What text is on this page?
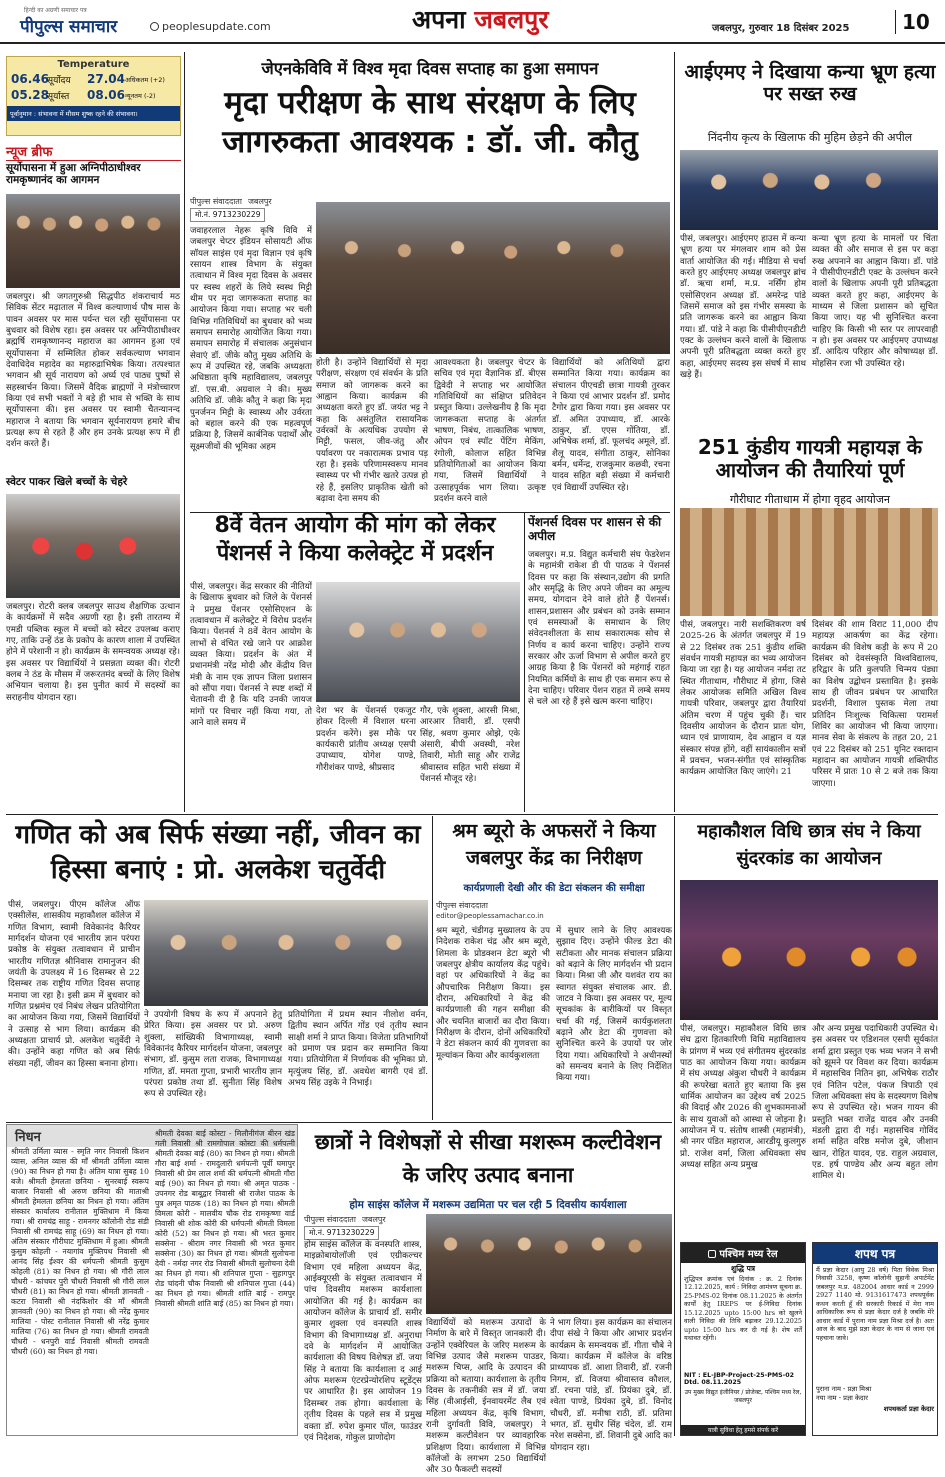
हिन्दी का अग्रणी समाचार पत्र
पीपुल्स समाचार	peoplesupdate.com	अपना जबलपुर	जबलपुर, गुरुवार 18 दिसंबर 2025	10
Temperature
06.46
सूर्योदय	27.04 अधिकतम (+2)
05.28
सूर्यास्त	08.06 न्यूनतम (-2)
पूर्वानुमान : संभावना में मौसम शुष्क रहने की संभावना।
न्यूज ब्रीफ
सूर्योपासना में हुआ अग्निपीठाधीश्वर रामकृष्णानंद का आगमन
जबलपुर। श्री जगतगुरुश्री सिद्धपीठ शंकराचार्य मठ सिविक सेंटर मढ़ाताल में विश्व कल्याणार्थ पौष मास के पावन अवसर पर मास पर्यन्त चल रही सूर्योपासना पर बुधवार को विशेष रहा। इस अवसर पर अग्निपीठाधीश्वर ब्रह्मर्षि रामकृष्णानन्द महाराज का आगमन हुआ एवं सूर्योपासना में सम्मिलित होकर सर्वकल्याण भगवान देवाधिदेव महादेव का महारुद्राभिषेक किया। तत्पश्चात भगवान श्री सूर्य नारायण को अर्घ्य एवं पाठ्य पुष्पों से सहस्त्रार्चन किया। जिसमें वैदिक ब्राह्मणों ने मंत्रोच्चारण किया एवं सभी भक्तों ने बड़े ही भाव से भक्ति के साथ सूर्योपासना की। इस अवसर पर स्वामी चैतन्यानन्द महाराज ने बताया कि भगवान सूर्यनारायण हमारे बीच प्रत्यक्ष रूप से रहते हैं और हम उनके प्रत्यक्ष रूप में ही दर्शन करते हैं।
स्वेटर पाकर खिले बच्चों के चेहरे
जबलपुर। रोटरी क्लब जबलपुर साउथ शैक्षणिक उत्थान के कार्यक्रमों में सदैव अग्रणी रहा है। इसी तारतम्य में एमडी पब्लिक स्कूल में बच्चों को स्वेटर उपलब्ध कराए गए, ताकि उन्हें ठंड के प्रकोप के कारण शाला में उपस्थित होने में परेशानी न हो। कार्यक्रम के समन्वयक अध्यक्ष रहे। इस अवसर पर विद्यार्थियों ने प्रसन्नता व्यक्त की। रोटरी क्लब ने ठंड के मौसम में जरूरतमंद बच्चों के लिए विशेष अभियान चलाया है। इस पुनीत कार्य में सदस्यों का सराहनीय योगदान रहा।
जेएनकेविवि में विश्व मृदा दिवस सप्ताह का हुआ समापन
मृदा परीक्षण के साथ संरक्षण के लिए जागरुकता आवश्यक : डॉ. जी. कौतु
पीपुल्स संवाददाता जबलपुर
मो.नं. 9713230229
जवाहरलाल नेहरू कृषि विवि में जबलपुर चेप्टर इंडियन सोसायटी ऑफ सॉयल साइंस एवं मृदा विज्ञान एवं कृषि रसायन शास्त्र विभाग के संयुक्त तत्वाधान में विश्व मृदा दिवस के अवसर पर स्वस्थ शहरों के लिये स्वस्थ मिट्टी थीम पर मृदा जागरूकता सप्ताह का आयोजन किया गया। सप्ताह भर चली विभिन्न गतिविधियों का बुधवार को भव्य समापन समारोह आयोजित किया गया। समापन समारोह में संचालक अनुसंधान सेवाएं डॉ. जीके कौतु मुख्य अतिथि के रूप में उपस्थित रहे, जबकि अध्यक्षता अधिष्ठाता कृषि महाविद्यालय, जबलपुर डॉ. एस.बी. अग्रवाल ने की। मुख्य अतिथि डॉ. जीके कौतु ने कहा कि मृदा पुनर्जनन मिट्टी के स्वास्थ्य और उर्वरता को बहाल करने की एक महत्वपूर्ण प्रक्रिया है, जिसमें कार्बनिक पदार्थों और सूक्ष्मजीवों की भूमिका अहम
होती है। उन्होंने विद्यार्थियों से मृदा परीक्षण, संरक्षण एवं संवर्धन के प्रति समाज को जागरूक करने का आह्वान किया। कार्यक्रम की अध्यक्षता करते हुए डॉ. जयंत भट्ट ने कहा कि असंतुलित रासायनिक उर्वरकों के अत्यधिक उपयोग से मिट्टी, फसल, जीव-जंतु और पर्यावरण पर नकारात्मक प्रभाव पड़ रहा है। इसके परिणामस्वरूप मानव स्वास्थ्य पर भी गंभीर खतरे उत्पन्न हो रहे हैं, इसलिए प्राकृतिक खेती को बढ़ावा देना समय की
आवश्यकता है। जबलपुर चेप्टर के सचिव एवं मृदा वैज्ञानिक डॉ. बीएस द्विवेदी ने सप्ताह भर आयोजित गतिविधियों का संक्षिप्त प्रतिवेदन प्रस्तुत किया। उल्लेखनीय है कि मृदा जागरूकता सप्ताह के अंतर्गत भाषण, निबंध, तात्कालिक भाषण, ओपन एवं स्पॉट पेंटिंग मेकिंग, रंगोली, कोलाज सहित विभिन्न प्रतियोगिताओं का आयोजन किया गया, जिसमें विद्यार्थियों ने उत्साहपूर्वक भाग लिया। उत्कृष्ट प्रदर्शन करने वाले
विद्यार्थियों को अतिथियों द्वारा सम्मानित किया गया। कार्यक्रम का संचालन पीएचडी छात्रा गायत्री तुरकर ने किया एवं आभार प्रदर्शन डॉ. प्रमोद टैगोर द्वारा किया गया। इस अवसर पर डॉ. अमित उपाध्याय, डॉ. आरके ठाकुर, डॉ. एएस गोंतिया, डॉ. अभिषेक शर्मा, डॉ. फूलचंद अमूले, डॉ. शैलू यादव, संगीता ठाकुर, सोनिका बर्मन, धर्मेन्द्र, राजकुमार कछवी, रचना यादव सहित बड़ी संख्या में कर्मचारी एवं विद्यार्थी उपस्थित रहे।
आईएमए ने दिखाया कन्या भ्रूण हत्या पर सख्त रुख
निंदनीय कृत्य के खिलाफ की मुहिम छेड़ने की अपील
पीसं, जबलपुर। आईएमए हाउस में कन्या भ्रूण हत्या पर मंगलवार शाम को प्रेस वार्ता आयोजित की गई। मीडिया से चर्चा करते हुए आईएमए अध्यक्ष जबलपुर ब्रांच डॉ. ऋचा शर्मा, म.प्र. नर्सिंग होम एसोसिएशन अध्यक्ष डॉ. अमरेन्द्र पांडे जिसमें समाज को इस गंभीर समस्या के प्रति जागरूक करने का आह्वान किया गया। डॉ. पांडे ने कहा कि पीसीपीएनडीटी एक्ट के उल्लंघन करने वालों के खिलाफ अपनी पूरी प्रतिबद्धता व्यक्त करते हुए कहा, आईएमए सदस्य इस संघर्ष में साथ खड़े हैं।
कन्या भ्रूण हत्या के मामलों पर चिंता व्यक्त की और समाज से इस पर कड़ा रुख अपनाने का आह्वान किया। डॉ. पांडे ने पीसीपीएनडीटी एक्ट के उल्लंघन करने वालों के खिलाफ अपनी पूरी प्रतिबद्धता व्यक्त करते हुए कहा, आईएमए के माध्यम से जिला प्रशासन को सूचित किया जाए। यह भी सुनिश्चित करना चाहिए कि किसी भी स्तर पर लापरवाही न हो। इस अवसर पर आईएमए उपाध्यक्ष डॉ. आदित्य परिहार और कोषाध्यक्ष डॉ. मोहसिन रजा भी उपस्थित रहे।
251 कुंडीय गायत्री महायज्ञ के आयोजन की तैयारियां पूर्ण
गौरीघाट गीताधाम में होगा वृहद आयोजन
पीसं, जबलपुर। नारी सशक्तिकरण वर्ष 2025-26 के अंतर्गत जबलपुर में 19 से 22 दिसंबर तक 251 कुंडीय शक्ति संवर्धन गायत्री महायज्ञ का भव्य आयोजन किया जा रहा है। यह आयोजन नर्मदा तट स्थित गीताधाम, गौरीघाट में होगा, जिसे लेकर आयोजक समिति अखिल विश्व गायत्री परिवार, जबलपुर द्वारा तैयारियां अंतिम चरण में पहुंच चुकी हैं। चार दिवसीय आयोजन के दौरान प्रातः योग, ध्यान एवं प्राणायाम, देव आह्वान व यज्ञ संस्कार संपन्न होंगे, वहीं सायंकालीन सत्रों में प्रवचन, भजन-संगीत एवं सांस्कृतिक कार्यक्रम आयोजित किए जाएंगे। 21
दिसंबर की शाम विराट 11,000 दीप महायज्ञ आकर्षण का केंद्र रहेगा। कार्यक्रम की विशेष कड़ी के रूप में 20 दिसंबर को देवसंस्कृति विश्वविद्यालय, हरिद्वार के प्रति कुलपति चिन्मय पंड्या का विशेष उद्बोधन प्रस्तावित है। इसके साथ ही जीवन प्रबंधन पर आधारित प्रदर्शनी, विशाल पुस्तक मेला तथा प्रतिदिन निःशुल्क चिकित्सा परामर्श शिविर का आयोजन भी किया जाएगा। मानव सेवा के संकल्प के तहत 20, 21 एवं 22 दिसंबर को 251 यूनिट रक्तदान महादान का आयोजन गायत्री शक्तिपीठ परिसर में प्रातः 10 से 2 बजे तक किया जाएगा।
8वें वेतन आयोग की मांग को लेकर पेंशनर्स ने किया कलेक्ट्रेट में प्रदर्शन
पीसं, जबलपुर। केंद्र सरकार की नीतियों के खिलाफ बुधवार को जिले के पेंशनर्स ने प्रमुख पेंशनर एसोसिएशन के तत्वावधान में कलेक्ट्रेट में विरोध प्रदर्शन किया। पेंशनर्स ने 8वें वेतन आयोग के लाभों से वंचित रखे जाने पर आक्रोश व्यक्त किया। प्रदर्शन के अंत में प्रधानमंत्री नरेंद्र मोदी और केंद्रीय वित्त मंत्री के नाम एक ज्ञापन जिला प्रशासन को सौंपा गया। पेंशनर्स ने स्पष्ट शब्दों में चेतावनी दी है कि यदि उनकी जायज मांगों पर विचार नहीं किया गया, तो आने वाले समय में
देश भर के पेंशनर्स एकजुट होकर दिल्ली में विशाल धरना प्रदर्शन करेंगे। इस मौके पर कार्यकारी प्रांतीय अध्यक्ष एसपी उपाध्याय, योगेश पाण्डे, गौरीशंकर पाण्डे, श्रीप्रसाद
गौर, एके शुक्ला, आरसी मिश्रा, आरआर तिवारी, डॉ. एसपी सिंह, श्रवण कुमार ओझे, एके अंसारी, बीपी अवस्थी, नरेश तिवारी, मोती साहू और राजेंद्र श्रीवास्तव सहित भारी संख्या में पेंशनर्स मौजूद रहे।
पेंशनर्स दिवस पर शासन से की अपील
जबलपुर। म.प्र. विद्युत कर्मचारी संघ फेडरेशन के महामंत्री राकेश डी पी पाठक ने पेंशनर्स दिवस पर कहा कि संस्थान,उद्योग की प्रगति और समृद्धि के लिए अपने जीवन का अमूल्य समय, योगदान देने वाले होते हैं पेंशनर्स। शासन,प्रशासन और प्रबंधन को उनके सम्मान एवं समस्याओं के समाधान के लिए संवेदनशीलता के साथ सकारात्मक सोच से निर्णय व कार्य करना चाहिए। उन्होंने राज्य सरकार और ऊर्जा विभाग से अपील करते हुए आग्रह किया है कि पेंशनरों को महंगाई राहत नियमित कर्मियों के साथ ही एक समान रूप से देना चाहिए। परिवार पेंशन राहत में लम्बे समय से चले आ रहे हैं इसे खत्म करना चाहिए।
गणित को अब सिर्फ संख्या नहीं, जीवन का हिस्सा बनाएं : प्रो. अलकेश चतुर्वेदी
पीसं, जबलपुर। पीएम कॉलेज ऑफ एक्सीलेंस, शासकीय महाकौशल कॉलेज में गणित विभाग, स्वामी विवेकानंद कैरियर मार्गदर्शन योजना एवं भारतीय ज्ञान परंपरा प्रकोष्ठ के संयुक्त तत्वावधान में प्राचीन भारतीय गणितज्ञ श्रीनिवास रामानुजन की जयंती के उपलक्ष्य में 16 दिसम्बर से 22 दिसम्बर तक राष्ट्रीय गणित दिवस सप्ताह मनाया जा रहा है। इसी क्रम में बुधवार को गणित प्रश्नमंच एवं निबंध लेखन प्रतियोगिता का आयोजन किया गया, जिसमें विद्यार्थियों ने उत्साह से भाग लिया। कार्यक्रम की अध्यक्षता प्राचार्य प्रो. अलकेश चतुर्वेदी ने की। उन्होंने कहा गणित को अब सिर्फ संख्या नहीं, जीवन का हिस्सा बनाना होगा।
ने उपयोगी विषय के रूप में अपनाने हेतु प्रेरित किया। इस अवसर पर प्रो. अरुण शुक्ला, सांख्यिकी विभागाध्यक्ष, स्वामी विवेकानंद कैरियर मार्गदर्शन योजना, जबलपुर संभाग, डॉ. कुसुम लता राजक, विभागाध्यक्ष गणित, डॉ. ममता गुप्ता, प्रभारी भारतीय ज्ञान परंपरा प्रकोष्ठ तथा डॉ. सुनीता सिंह विशेष रूप से उपस्थित रहे।
प्रतियोगिता में प्रथम स्थान नीलोश वर्मन, द्वितीय स्थान अर्पित गोंड एवं तृतीय स्थान साक्षी शर्मा ने प्राप्त किया। विजेता प्रतिभागियों को प्रमाण पत्र प्रदान कर सम्मानित किया गया। प्रतियोगिता में निर्णायक की भूमिका प्रो. मृत्युंजय सिंह, डॉ. अवधेश बागरी एवं डॉ. अभय सिंह उइके ने निभाई।
श्रम ब्यूरो के अफसरों ने किया जबलपुर केंद्र का निरीक्षण
कार्यप्रणाली देखी और की डेटा संकलन की समीक्षा
पीपुल्स संवाददाता
editor@peoplessamachar.co.in
श्रम ब्यूरो, चंडीगढ़ मुख्यालय के उप निदेशक राकेश चंद्र और श्रम ब्यूरो, शिमला के प्रोडक्शन डेटा ब्यूरो भी जबलपुर क्षेत्रीय कार्यालय केंद्र पहुंचे। वहां पर अधिकारियों ने केंद्र का औपचारिक निरीक्षण किया। इस दौरान, अधिकारियों ने केंद्र की कार्यप्रणाली की गहन समीक्षा की और चयनित बाजारों का दौरा किया। निरीक्षण के दौरान, दोनों अधिकारियों ने डेटा संकलन कार्य की गुणवत्ता का मूल्यांकन किया और कार्यकुशलता
में सुधार लाने के लिए आवश्यक सुझाव दिए। उन्होंने फील्ड डेटा की सटीकता और मानक संचालन प्रक्रिया को बढ़ाने के लिए मार्गदर्शन भी प्रदान किया। मिश्रा जी और यशवंत राय का स्वागत संयुक्त संचालक आर. डी. जाटव ने किया। इस अवसर पर, मूल्य सूचकांक के बारीकियों पर विस्तृत चर्चा की गई, जिसमें कार्यकुशलता बढ़ाने और डेटा की गुणवत्ता को सुनिश्चित करने के उपायों पर जोर दिया गया। अधिकारियों ने अधीनस्थों को समन्वय बनाने के लिए निर्देशित किया गया।
महाकौशल विधि छात्र संघ ने किया सुंदरकांड का आयोजन
पीसं, जबलपुर। महाकौशल विधि छात्र संघ द्वारा हितकारिणी विधि महाविद्यालय के प्रांगण में भव्य एवं संगीतमय सुंदरकांड पाठ का आयोजन किया गया। कार्यक्रम में संघ अध्यक्ष अंकुश चौधरी ने कार्यक्रम की रूपरेखा बताते हुए बताया कि इस धार्मिक आयोजन का उद्देश्य वर्ष 2025 की विदाई और 2026 की शुभकामनाओं के साथ युवाओं को आस्था से जोड़ना है। आयोजन में प. संतोष शास्त्री (महामंत्री), श्री नगर पंडित महाराज, आरडीयू कुलगुरु प्रो. राजेश वर्मा, जिला अधिवक्ता संघ अध्यक्ष सहित अन्य प्रमुख
और अन्य प्रमुख पदाधिकारी उपस्थित थे। इस अवसर पर एडिशनल एसपी सूर्यकांत शर्मा द्वारा प्रस्तुत एक भव्य भजन ने सभी को झूमने पर विवश कर दिया। कार्यक्रम में महासचिव नितिन झा, अभिषेक राठौर एवं नितिन पटेल, पंकज त्रिपाठी एवं जिला अधिवक्ता संघ के सदस्यगण विशेष रूप से उपस्थित रहे। भजन गायन की प्रस्तुति भक्त राजेंद्र यादव और उनकी मंडली द्वारा दी गई। महासचिव गोविंद शर्मा सहित वरिष्ठ मनोज दुबे, जीशान खान, रोहित यादव, एड. राहुल अग्रवाल, एड. हर्ष पाण्डेय और अन्य बहुत लोग शामिल थे।
निधन
श्रीमती उर्मिला व्यास - स्मृति नगर निवासी किशन व्यास, अनिल व्यास की माँ श्रीमती उर्मिला व्यास (90) का निधन हो गया है। अंतिम यात्रा सुबह 10 बजे। श्रीमती हेमलता छनिया - सुनरबाई स्वरूप बाजार निवासी श्री अरुण छनिया की माताश्री श्रीमती हेमलता छनिया का निधन हो गया। अंतिम संस्कार कार्यालय रानीताल मुक्तिधाम में किया गया। श्री रामचंद्र साहू - रामनगर कॉलोनी रोड संडी निवासी श्री रामचंद्र साहू (69) का निधन हो गया। अंतिम संस्कार गौरीघाट मुक्तिधाम में हुआ। श्रीमती कुसुम कोहली - नयागांव मुक्तिपथ निवासी श्री आनंद सिंह ईश्वर की धर्मपत्नी श्रीमती कुसुम कोहली (81) का निधन हो गया। श्री गौरी लाल चौधरी - कांचघर पुरी चौधरी निवासी श्री गौरी लाल चौधरी (81) का निधन हो गया। श्रीमती ज्ञानवती - कटरा निवासी श्री नंदकिशोर की माँ श्रीमती ज्ञानवती (90) का निधन हो गया। श्री नरेंद्र कुमार मालिया - पोस्ट रानीताल निवासी श्री नरेंद्र कुमार मालिया (76) का निधन हो गया। श्रीमती रामवती चौधरी - धनपुरी वार्ड निवासी श्रीमती रामवती चौधरी (60) का निधन हो गया।
श्रीमती देवका बाई कोस्टा - मिलौनीगंज बीरन खंड गली निवासी श्री रामगोपाल कोस्टा की धर्मपत्नी श्रीमती देवका बाई (80) का निधन हो गया। श्रीमती गौरा बाई शर्मा - रामदुलारी धर्मपत्नी पूर्वी घमापुर निवासी श्री प्रेम लाल शर्मा की धर्मपत्नी श्रीमती गौरा बाई (90) का निधन हो गया। श्री अमृत पाठक - उपनगर रोड बाबूद्वार निवासी श्री राजेश पाठक के पुत्र अमृत पाठक (18) का निधन हो गया। श्रीमती विमला कोरी - मालवीय चौक रोड रामकृष्णा वार्ड निवासी श्री शोक कोरी की धर्मपत्नी श्रीमती विमला कोरी (52) का निधन हो गया। श्री भरत कुमार सक्सेना - श्रीराम नगर निवासी श्री भरत कुमार सक्सेना (30) का निधन हो गया। श्रीमती सुलोचना देवी - नर्मदा नगर रोड निवासी श्रीमती सुलोचना देवी का निधन हो गया। श्री शनिपाल गुप्ता - सुहागपुर रोड चांदनी चौक निवासी श्री शनिपाल गुप्ता (44) का निधन हो गया। श्रीमती शांति बाई - रामपुर निवासी श्रीमती शांति बाई (85) का निधन हो गया।
छात्रों ने विशेषज्ञों से सीखा मशरूम कल्टीवेशन के जरिए उत्पाद बनाना
होम साइंस कॉलेज में मशरूम उद्यमिता पर चल रही 5 दिवसीय कार्यशाला
पीपुल्स संवाददाता जबलपुर
मो.नं. 9713230229
होम साइंस कॉलेज के वनस्पति शास्त्र, माइक्रोबायोलॉजी एवं एग्रीकल्चर विभाग एवं महिला अध्ययन केंद्र, आईक्यूएसी के संयुक्त तत्वावधान में पांच दिवसीय मशरूम कार्यशाला आयोजित की गई है। कार्यक्रम का आयोजन कॉलेज के प्राचार्य डॉ. समीर कुमार शुक्ला एवं वनस्पति शास्त्र विभाग की विभागाध्यक्ष डॉ. अनुराधा दवे के मार्गदर्शन में आयोजित कार्यशाला की विषय विशेषज्ञ डॉ. जया सिंह ने बताया कि कार्यशाला द आई ओफ मशरूम एंटरप्रेन्योरशिप स्टूडेंट्स पर आधारित है। इस आयोजन 19 दिसम्बर तक होगा। कार्यशाला के तृतीय दिवस के पहले सत्र में प्रमुख वक्ता डॉ. रुपेश कुमार पॉल, फाउंडर एवं निदेशक, गोकुल प्राणोदोग
विद्यार्थियों को मशरूम उत्पादों के निर्माण के बारे में विस्तृत जानकारी दी। उन्होंने एक्वेरियल के जरिए मशरूम के विभिन्न उत्पाद जैसे मशरूम पाउडर, मशरूम चिप्स, आदि के उत्पादन की प्रक्रिया को बताया। कार्यशाला के तृतीय दिवस के तकनीकी सत्र में डॉ. जया सिंह (वीआईसी, ईनवायरमेंट लैब एवं महिला अध्ययन केंद्र, कृषि विभाग, रानी दुर्गावती विवि, जबलपुर) ने मशरूम कल्टीवेशन पर व्यावहारिक प्रशिक्षण दिया। कार्यशाला में विभिन्न कॉलेजों के लगभग 250 विद्यार्थियों और 30 फैकल्टी सदस्यों
ने भाग लिया। इस कार्यक्रम का संचालन दीपा संखे ने किया और आभार प्रदर्शन कार्यक्रम के समन्वयक डॉ. गीता चौबे ने किया। कार्यक्रम में कॉलेज के वरिष्ठ प्राध्यापक डॉ. आशा तिवारी, डॉ. रजनी निगम, डॉ. विजया श्रीवास्तव कौशल, डॉ. रचना पांडे, डॉ. प्रियंका दुबे, डॉ. श्वेता पाण्डे, प्रियंका दुबे, डॉ. विनोद चौधरी, डॉ. मनीषा राठी, डॉ. प्रतिमा भगत, डॉ. सुधीर सिंह चंदेल, डॉ. राम नरेश सक्सेना, डॉ. शिवानी दुबे आदि का योगदान रहा।
पश्चिम मध्य रेल
शुद्धि पत्र
शुद्धिपत्र क्रमांक एवं दिनांक : क्र. 2 दिनांक 12.12.2025, कार्य : निविदा आमंत्रण सूचना क्र. 25-PMS-02 दिनांक 08.11.2025 के अंतर्गत कार्यों हेतु IREPS पर ई-निविदा दिनांक 15.12.2025 upto 15:00 hrs को खुलने वाली निविदा की तिथि बढ़ाकर 29.12.2025 upto 15:00 hrs कर दी गई है। शेष शर्तें यथावत रहेंगी।
NIT : EL-JBP-Project-25-PMS-02 Dtd. 08.11.2025
उप मुख्य विद्युत इंजीनियर / प्रोजेक्ट, पश्चिम मध्य रेल, जबलपुर
यात्री सुविधा हेतु हमसे संपर्क करें
शपथ पत्र
मैं प्रज्ञा केदार (आयु 28 वर्ष) पिता विवेक मिश्रा निवासी 3258, कृष्ण कॉलोनी सुहानी अपार्टमेंट जबलपुर म.प्र. 482004 आधार कार्ड न 2999 2927 1140 मो. 9131617473 शपथपूर्वक कथन करती हूँ की सरकारी रिकार्ड में मेरा नाम आधिकारिक रूप से प्रज्ञा केदार दर्ज है जबकि मेरे आधार कार्ड में पुराना नाम प्रज्ञा मिश्रा दर्ज है। अतः आज के बाद मुझे प्रज्ञा केदार के नाम से जाना एवं पहचाना जावे।
पुराना नाम - प्रज्ञा मिश्रा
नया नाम - प्रज्ञा केदार
शपथकर्ता प्रज्ञा केदार
